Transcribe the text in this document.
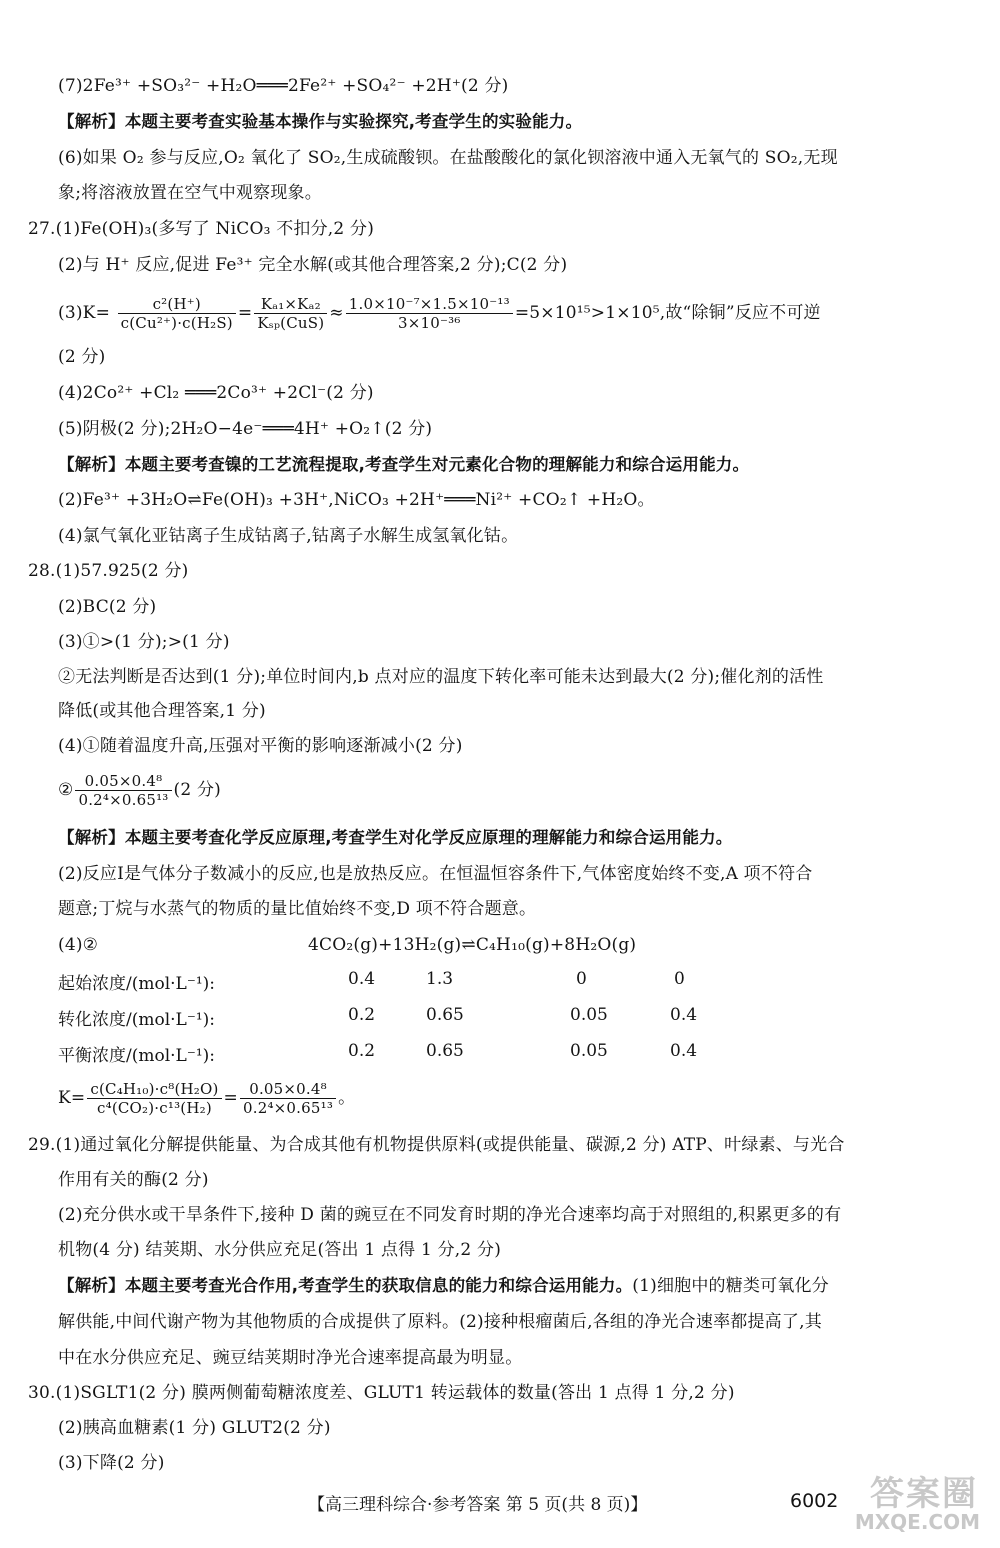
(7)2Fe³⁺ +SO₃²⁻ +H₂O═══2Fe²⁺ +SO₄²⁻ +2H⁺(2 分)
【解析】本题主要考查实验基本操作与实验探究,考查学生的实验能力。
(6)如果 O₂ 参与反应,O₂ 氧化了 SO₂,生成硫酸钡。在盐酸酸化的氯化钡溶液中通入无氧气的 SO₂,无现
象;将溶液放置在空气中观察现象。
27.(1)Fe(OH)₃(多写了 NiCO₃ 不扣分,2 分)
(2)与 H⁺ 反应,促进 Fe³⁺ 完全水解(或其他合理答案,2 分);C(2 分)
$(3)K= \frac{\text{c²(H⁺)}}{\text{c(Cu²⁺)·c(H₂S)}} = \frac{\text{Kₐ₁×Kₐ₂}}{\text{Kₛₚ(CuS)}} \approx \frac{\text{1.0×10⁻⁷×1.5×10⁻¹³}}{\text{3×10⁻³⁶}} =5\times 10^{15}>1\times 10^5$,故“除铜”反应不可逆
(2 分)
(4)2Co²⁺ +Cl₂ ═══2Co³⁺ +2Cl⁻(2 分)
(5)阴极(2 分);2H₂O−4e⁻═══4H⁺ +O₂↑(2 分)
【解析】本题主要考查镍的工艺流程提取,考查学生对元素化合物的理解能力和综合运用能力。
(2)Fe³⁺ +3H₂O⇌Fe(OH)₃ +3H⁺,NiCO₃ +2H⁺═══Ni²⁺ +CO₂↑ +H₂O。
(4)氯气氧化亚钴离子生成钴离子,钴离子水解生成氢氧化钴。
28.(1)57.925(2 分)
(2)BC(2 分)
(3)①>(1 分);>(1 分)
②无法判断是否达到(1 分);单位时间内,b 点对应的温度下转化率可能未达到最大(2 分);催化剂的活性
降低(或其他合理答案,1 分)
(4)①随着温度升高,压强对平衡的影响逐渐减小(2 分)
② $\frac{\text{0.05×0.4⁸}}{\text{0.2⁴×0.65¹³}} (2$ 分)
【解析】本题主要考查化学反应原理,考查学生对化学反应原理的理解能力和综合运用能力。
(2)反应Ⅰ是气体分子数减小的反应,也是放热反应。在恒温恒容条件下,气体密度始终不变,A 项不符合
题意;丁烷与水蒸气的物质的量比值始终不变,D 项不符合题意。
(4)②	4CO₂(g)+13H₂(g)⇌C₄H₁₀(g)+8H₂O(g)
起始浓度/(mol·L⁻¹):	0.4	1.3	0	0
转化浓度/(mol·L⁻¹):	0.2	0.65	0.05	0.4
平衡浓度/(mol·L⁻¹):	0.2	0.65	0.05	0.4
$K= \frac{\text{c(C₄H₁₀)·c⁸(H₂O)}}{\text{c⁴(CO₂)·c¹³(H₂)}} = \frac{\text{0.05×0.4⁸}}{\text{0.2⁴×0.65¹³}}$ 。
29.(1)通过氧化分解提供能量、为合成其他有机物提供原料(或提供能量、碳源,2 分) ATP、叶绿素、与光合
作用有关的酶(2 分)
(2)充分供水或干旱条件下,接种 D 菌的豌豆在不同发育时期的净光合速率均高于对照组的,积累更多的有
机物(4 分) 结荚期、水分供应充足(答出 1 点得 1 分,2 分)
【解析】本题主要考查光合作用,考查学生的获取信息的能力和综合运用能力。(1)细胞中的糖类可氧化分
解供能,中间代谢产物为其他物质的合成提供了原料。(2)接种根瘤菌后,各组的净光合速率都提高了,其
中在水分供应充足、豌豆结荚期时净光合速率提高最为明显。
30.(1)SGLT1(2 分) 膜两侧葡萄糖浓度差、GLUT1 转运载体的数量(答出 1 点得 1 分,2 分)
(2)胰高血糖素(1 分) GLUT2(2 分)
(3)下降(2 分)
【高三理科综合·参考答案 第 5 页(共 8 页)】	6002 答案圈
MXQE.COM
